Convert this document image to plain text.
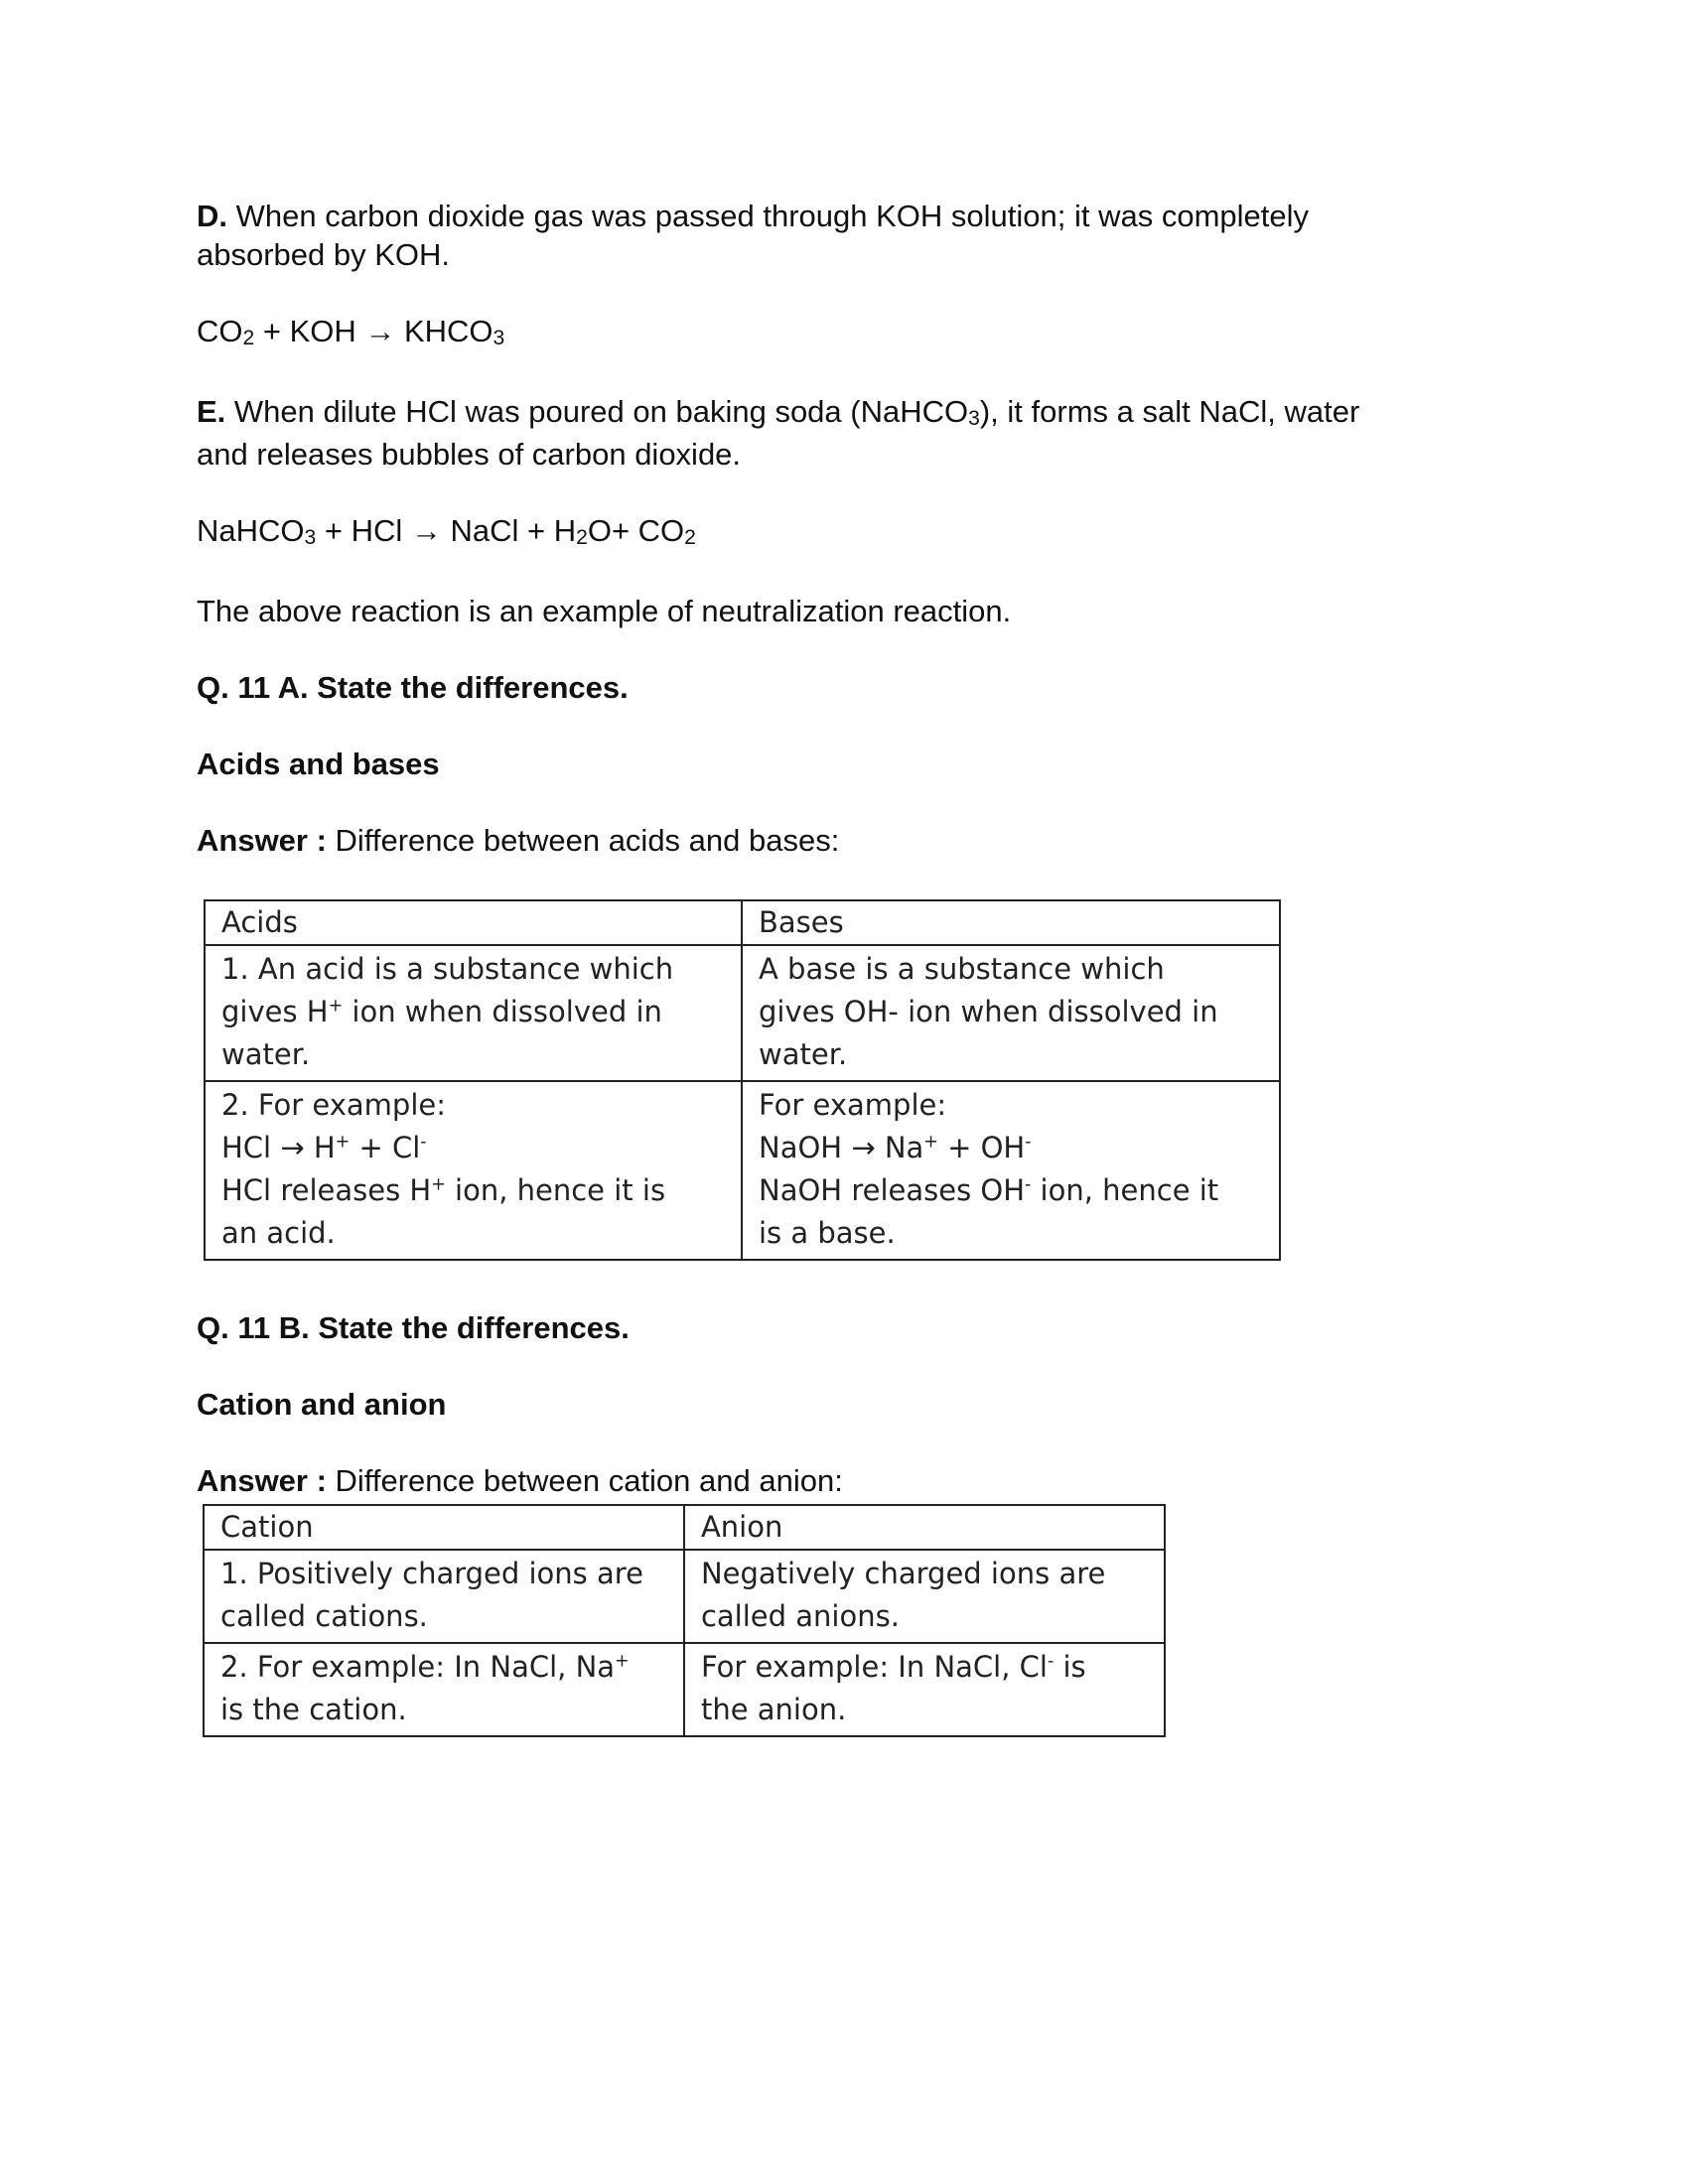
D. When carbon dioxide gas was passed through KOH solution; it was completely
absorbed by KOH.

CO2 + KOH → KHCO3

E. When dilute HCl was poured on baking soda (NaHCO3), it forms a salt NaCl, water
and releases bubbles of carbon dioxide.

NaHCO3 + HCl → NaCl + H2O+ CO2

The above reaction is an example of neutralization reaction.

Q. 11 A. State the differences.

Acids and bases

Answer : Difference between acids and bases:

Acids	Bases
1. An acid is a substance which
gives H+ ion when dissolved in
water.	A base is a substance which
gives OH- ion when dissolved in
water.
2. For example:
HCl → H+ + Cl-
HCl releases H+ ion, hence it is
an acid.	For example:
NaOH → Na+ + OH-
NaOH releases OH- ion, hence it
is a base.

Q. 11 B. State the differences.

Cation and anion

Answer : Difference between cation and anion:

Cation	Anion
1. Positively charged ions are
called cations.	Negatively charged ions are
called anions.
2. For example: In NaCl, Na+
is the cation.	For example: In NaCl, Cl- is
the anion.
